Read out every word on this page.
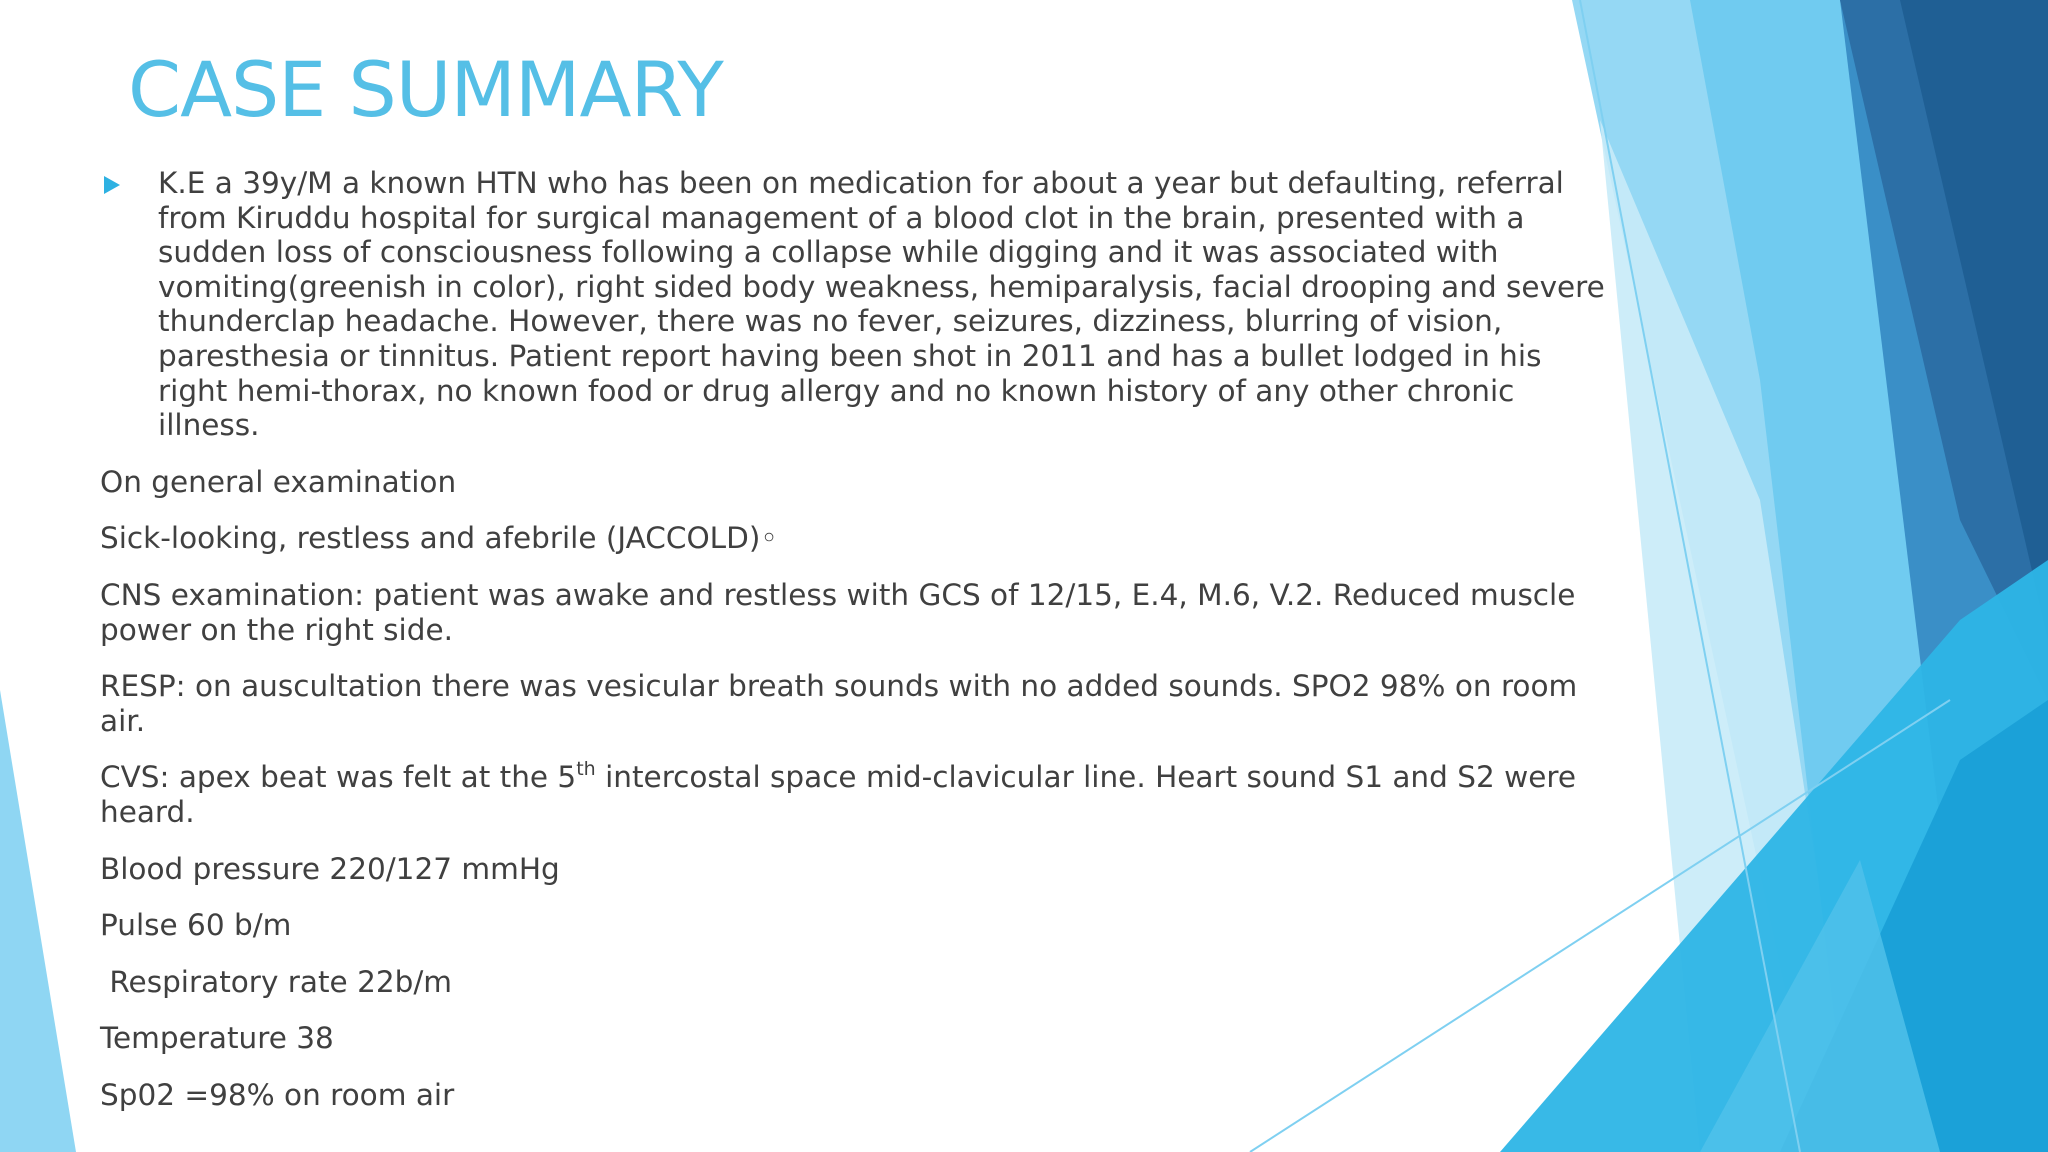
CASE SUMMARY

K.E a 39y/M a known HTN who has been on medication for about a year but defaulting, referral from Kiruddu hospital for surgical management of a blood clot in the brain, presented with a sudden loss of consciousness following a collapse while digging and it was associated with vomiting(greenish in color), right sided body weakness, hemiparalysis, facial drooping and severe thunderclap headache. However, there was no fever, seizures, dizziness, blurring of vision, paresthesia or tinnitus. Patient report having been shot in 2011 and has a bullet lodged in his right hemi-thorax, no known food or drug allergy and no known history of any other chronic illness.

On general examination

Sick-looking, restless and afebrile (JACCOLD)◦

CNS examination: patient was awake and restless with GCS of 12/15, E.4, M.6, V.2. Reduced muscle power on the right side.

RESP: on auscultation there was vesicular breath sounds with no added sounds. SPO2 98% on room air.

CVS: apex beat was felt at the 5th intercostal space mid-clavicular line. Heart sound S1 and S2 were heard.

Blood pressure 220/127 mmHg

Pulse 60 b/m

Respiratory rate 22b/m

Temperature 38

Sp02 =98% on room air
